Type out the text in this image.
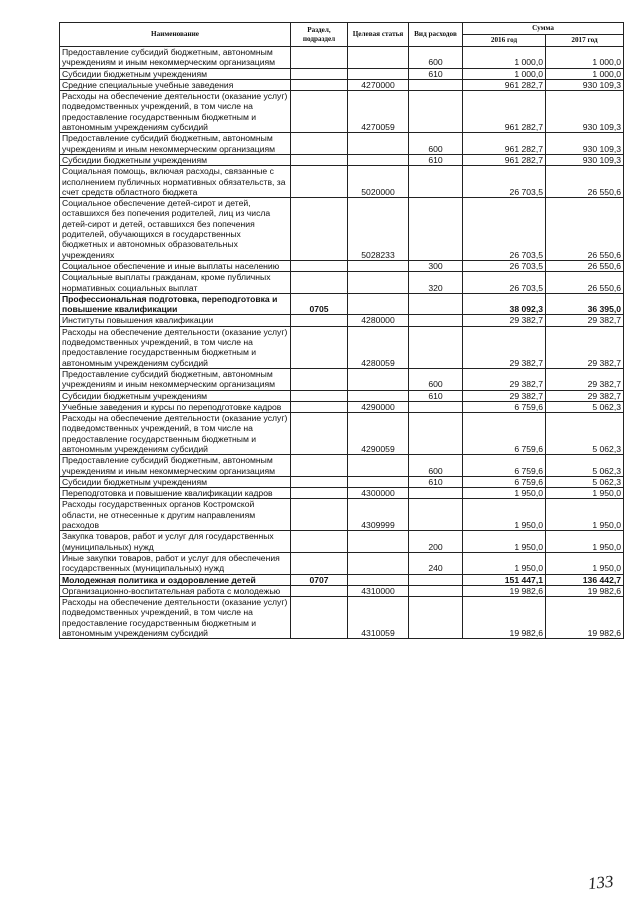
Наименование	Раздел, подраздел	Целевая статья	Вид расходов	Сумма	
				2016 год	2017 год
Предоставление субсидий бюджетным, автономным учреждениям и иным некоммерческим организациям			600	1 000,0	1 000,0
Субсидии бюджетным учреждениям			610	1 000,0	1 000,0
Средние специальные учебные заведения		4270000		961 282,7	930 109,3
Расходы на обеспечение деятельности (оказание услуг) подведомственных учреждений, в том числе на предоставление государственным бюджетным и автономным учреждениям субсидий		4270059		961 282,7	930 109,3
Предоставление субсидий бюджетным, автономным учреждениям и иным некоммерческим организациям			600	961 282,7	930 109,3
Субсидии бюджетным учреждениям			610	961 282,7	930 109,3
Социальная помощь, включая расходы, связанные с исполнением публичных нормативных обязательств, за счет средств областного бюджета		5020000		26 703,5	26 550,6
Социальное обеспечение детей-сирот и детей, оставшихся без попечения родителей, лиц из числа детей-сирот и детей, оставшихся без попечения родителей, обучающихся в государственных бюджетных и автономных образовательных учреждениях		5028233		26 703,5	26 550,6
Социальное обеспечение и иные выплаты населению			300	26 703,5	26 550,6
Социальные выплаты гражданам, кроме публичных нормативных социальных выплат			320	26 703,5	26 550,6
Профессиональная подготовка, переподготовка и повышение квалификации	0705			38 092,3	36 395,0
Институты повышения квалификации		4280000		29 382,7	29 382,7
Расходы на обеспечение деятельности (оказание услуг) подведомственных учреждений, в том числе на предоставление государственным бюджетным и автономным учреждениям субсидий		4280059		29 382,7	29 382,7
Предоставление субсидий бюджетным, автономным учреждениям и иным некоммерческим организациям			600	29 382,7	29 382,7
Субсидии бюджетным учреждениям			610	29 382,7	29 382,7
Учебные заведения и курсы по переподготовке кадров		4290000		6 759,6	5 062,3
Расходы на обеспечение деятельности (оказание услуг) подведомственных учреждений, в том числе на предоставление государственным бюджетным и автономным учреждениям субсидий		4290059		6 759,6	5 062,3
Предоставление субсидий бюджетным, автономным учреждениям и иным некоммерческим организациям			600	6 759,6	5 062,3
Субсидии бюджетным учреждениям			610	6 759,6	5 062,3
Переподготовка и повышение квалификации кадров		4300000		1 950,0	1 950,0
Расходы государственных органов Костромской области, не отнесенные к другим направлениям расходов		4309999		1 950,0	1 950,0
Закупка товаров, работ и услуг для государственных (муниципальных) нужд			200	1 950,0	1 950,0
Иные закупки товаров, работ и услуг для обеспечения государственных (муниципальных) нужд			240	1 950,0	1 950,0
Молодежная политика и оздоровление детей	0707			151 447,1	136 442,7
Организационно-воспитательная работа с молодежью		4310000		19 982,6	19 982,6
Расходы на обеспечение деятельности (оказание услуг) подведомственных учреждений, в том числе на предоставление государственным бюджетным и автономным учреждениям субсидий		4310059		19 982,6	19 982,6
133
